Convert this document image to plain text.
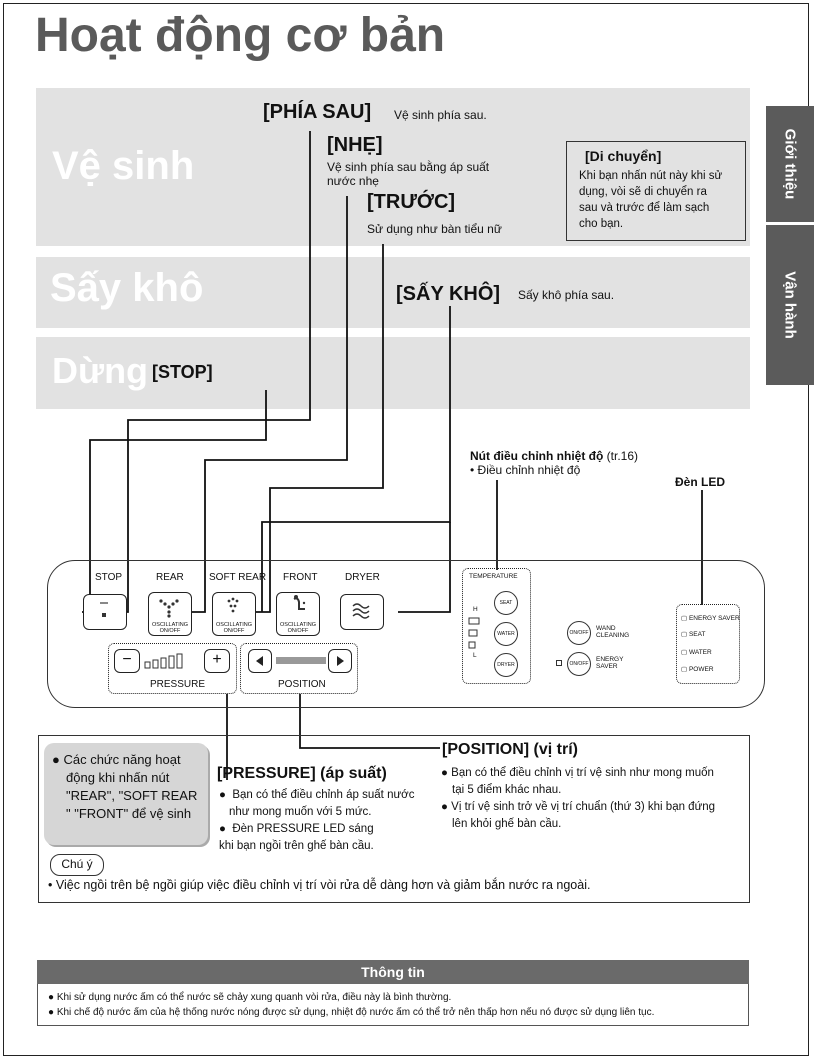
Hoạt động cơ bản
Vệ sinh
Sấy khô
Dừng
Giới thiệu
Vận hành
[PHÍA SAU] Vệ sinh phía sau.
[NHẸ]
Vệ sinh phía sau bằng áp suất
nước nhẹ
[TRƯỚC]
Sử dụng như bàn tiểu nữ
[SẤY KHÔ] Sấy khô phía sau.
[STOP]
[Di chuyển]
Khi bạn nhấn nút này khi sử
dụng, vòi sẽ di chuyển ra
sau và trước để làm sạch
cho bạn.
Nút điều chỉnh nhiệt độ (tr.16)
• Điều chỉnh nhiệt độ
Đèn LED
STOP	REAR	SOFT REAR FRONT	DRYER
OSCILLATING
ON/OFF
OSCILLATING
ON/OFF
OSCILLATING
ON/OFF
−	+
PRESSURE	POSITION
TEMPERATURE
H
L
SEAT
WATER
DRYER
ON/OFF
WAND
CLEANING
ON/OFF
ENERGY
SAVER
▢ ENERGY SAVER
▢ SEAT
▢ WATER
▢ POWER
● Các chức năng hoạt
động khi nhấn nút
"REAR", "SOFT REAR
" "FRONT" để vệ sinh
[PRESSURE] (áp suất)
●  Bạn có thể điều chỉnh áp suất nước
như mong muốn với 5 mức.
●  Đèn PRESSURE LED sáng
khi bạn ngồi trên ghế bàn cầu.
[POSITION] (vị trí)
● Bạn có thể điều chỉnh vị trí vệ sinh như mong muốn
tại 5 điểm khác nhau.
● Vị trí vệ sinh trở về vị trí chuẩn (thứ 3) khi bạn đứng
lên khỏi ghế bàn cầu.
Chú ý
• Việc ngồi trên bệ ngồi giúp việc điều chỉnh vị trí vòi rửa dễ dàng hơn và giảm bắn nước ra ngoài.
Thông tin
● Khi sử dụng nước ấm có thể nước sẽ chảy xung quanh vòi rửa, điều này là bình thường.
● Khi chế độ nước ấm của hệ thống nước nóng được sử dụng, nhiệt độ nước ấm có thể trở nên thấp hơn nếu nó được sử dụng liên tục.
